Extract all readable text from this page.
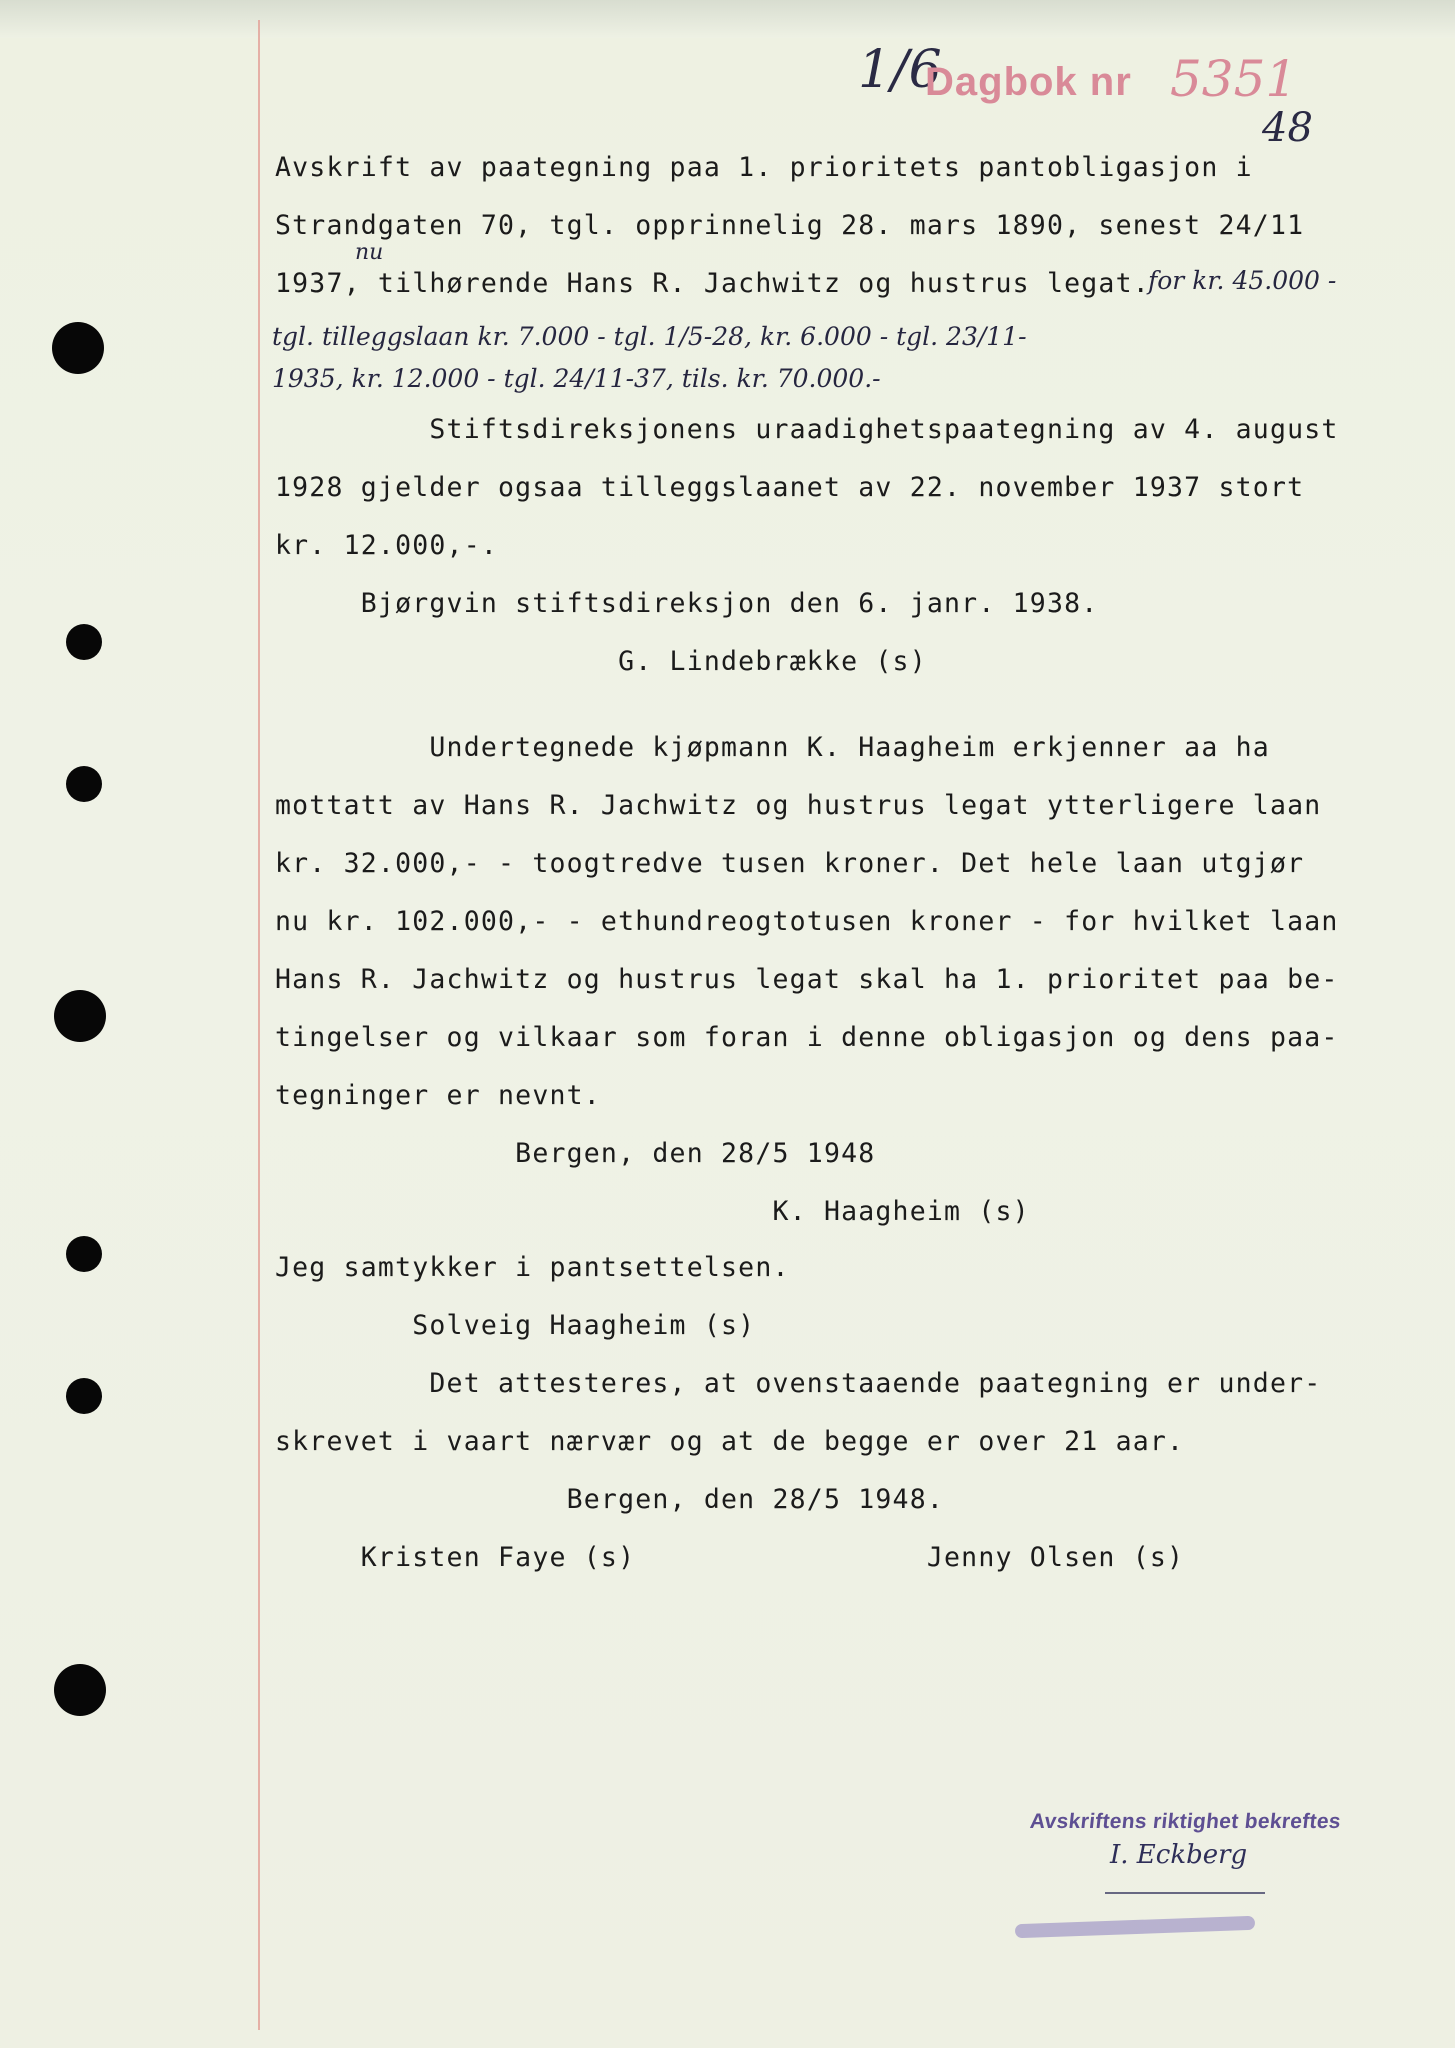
1/6
Dagbok nr 5351
48
Avskrift av paategning paa 1. prioritets pantobligasjon i
Strandgaten 70, tgl. opprinnelig 28. mars 1890, senest 24/11
nu
1937, tilhørende Hans R. Jachwitz og hustrus legat.
for kr. 45.000 -
tgl. tilleggslaan kr. 7.000 - tgl. 1/5-28, kr. 6.000 - tgl. 23/11-
1935, kr. 12.000 - tgl. 24/11-37, tils. kr. 70.000.-
Stiftsdireksjonens uraadighetspaategning av 4. august
1928 gjelder ogsaa tilleggslaanet av 22. november 1937 stort
kr. 12.000,-.
Bjørgvin stiftsdireksjon den 6. janr. 1938.
G. Lindebrække (s)
Undertegnede kjøpmann K. Haagheim erkjenner aa ha
mottatt av Hans R. Jachwitz og hustrus legat ytterligere laan
kr. 32.000,- - toogtredve tusen kroner. Det hele laan utgjør
nu kr. 102.000,- - ethundreogtotusen kroner - for hvilket laan
Hans R. Jachwitz og hustrus legat skal ha 1. prioritet paa be-
tingelser og vilkaar som foran i denne obligasjon og dens paa-
tegninger er nevnt.
Bergen, den 28/5 1948
K. Haagheim (s)
Jeg samtykker i pantsettelsen.
Solveig Haagheim (s)
Det attesteres, at ovenstaaende paategning er under-
skrevet i vaart nærvær og at de begge er over 21 aar.
Bergen, den 28/5 1948.
Kristen Faye (s)                 Jenny Olsen (s)
Avskriftens riktighet bekreftes
I. Eckberg
